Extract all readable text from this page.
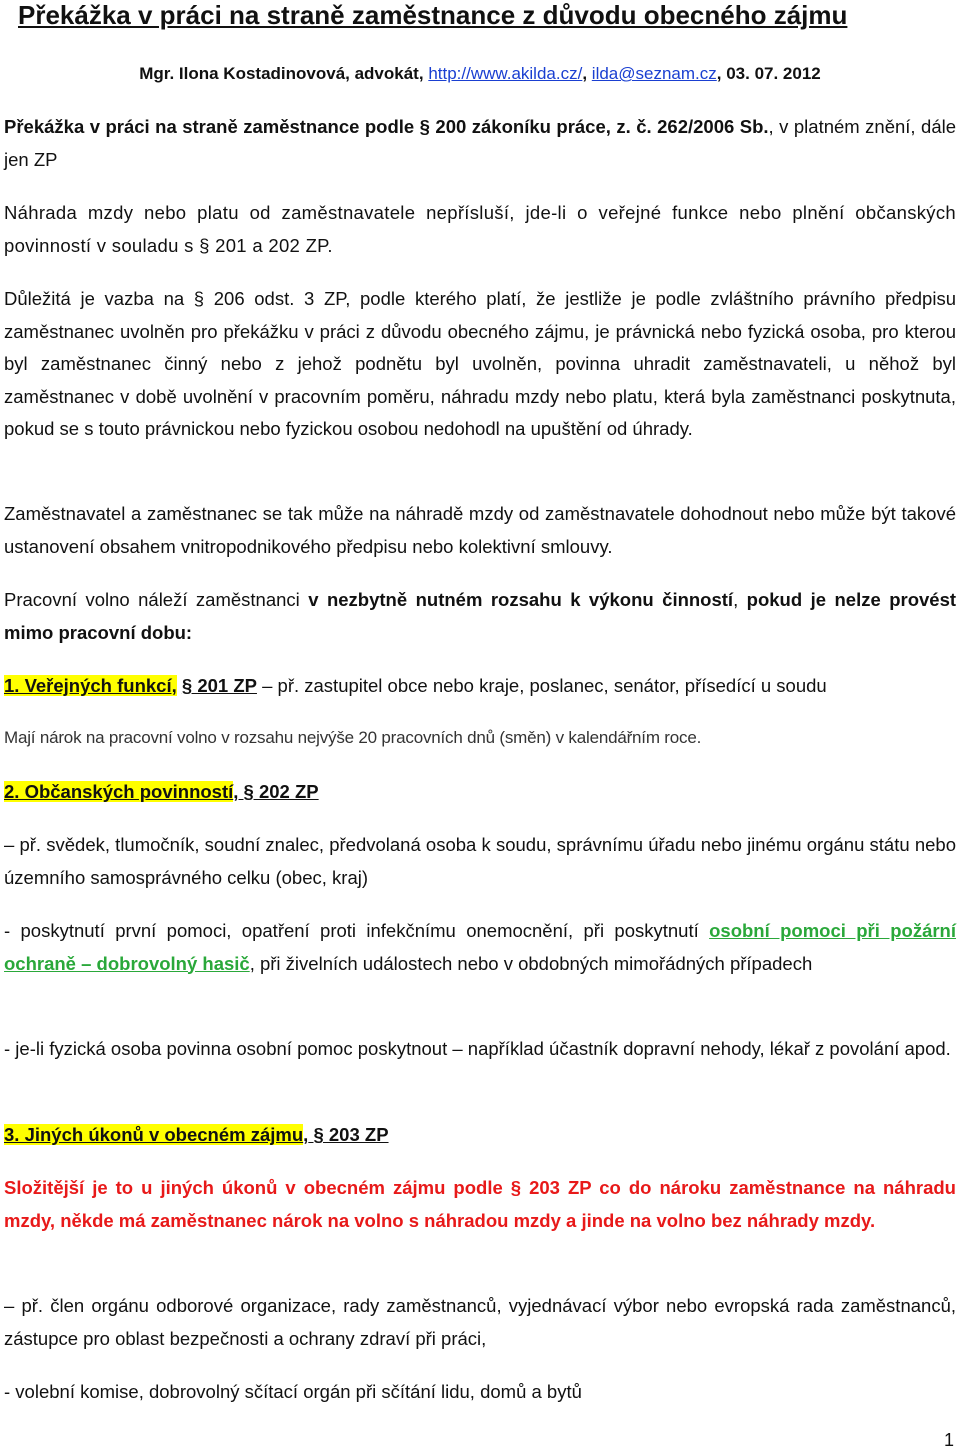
Překážka v práci na straně zaměstnance z důvodu obecného zájmu

Mgr. Ilona Kostadinovová, advokát, http://www.akilda.cz/, ilda@seznam.cz, 03. 07. 2012

Překážka v práci na straně zaměstnance podle § 200 zákoníku práce, z. č. 262/2006 Sb., v platném znění, dále jen ZP

Náhrada mzdy nebo platu od zaměstnavatele nepřísluší, jde-li o veřejné funkce nebo plnění občanských povinností v souladu s § 201 a 202 ZP.

Důležitá je vazba na § 206 odst. 3 ZP, podle kterého platí, že jestliže je podle zvláštního právního předpisu zaměstnanec uvolněn pro překážku v práci z důvodu obecného zájmu, je právnická nebo fyzická osoba, pro kterou byl zaměstnanec činný nebo z jehož podnětu byl uvolněn, povinna uhradit zaměstnavateli, u něhož byl zaměstnanec v době uvolnění v pracovním poměru, náhradu mzdy nebo platu, která byla zaměstnanci poskytnuta, pokud se s touto právnickou nebo fyzickou osobou nedohodl na upuštění od úhrady.

Zaměstnavatel a zaměstnanec se tak může na náhradě mzdy od zaměstnavatele dohodnout nebo může být takové ustanovení obsahem vnitropodnikového předpisu nebo kolektivní smlouvy.

Pracovní volno náleží zaměstnanci v nezbytně nutném rozsahu k výkonu činností, pokud je nelze provést mimo pracovní dobu:

1. Veřejných funkcí, § 201 ZP – př. zastupitel obce nebo kraje, poslanec, senátor, přísedící u soudu

Mají nárok na pracovní volno v rozsahu nejvýše 20 pracovních dnů (směn) v kalendářním roce.

2. Občanských povinností, § 202 ZP

– př. svědek, tlumočník, soudní znalec, předvolaná osoba k soudu, správnímu úřadu nebo jinému orgánu státu nebo územního samosprávného celku (obec, kraj)

- poskytnutí první pomoci, opatření proti infekčnímu onemocnění, při poskytnutí osobní pomoci při požární ochraně – dobrovolný hasič, při živelních událostech nebo v obdobných mimořádných případech

- je-li fyzická osoba povinna osobní pomoc poskytnout – například účastník dopravní nehody, lékař z povolání apod.

3. Jiných úkonů v obecném zájmu, § 203 ZP

Složitější je to u jiných úkonů v obecném zájmu podle § 203 ZP co do nároku zaměstnance na náhradu mzdy, někde má zaměstnanec nárok na volno s náhradou mzdy a jinde na volno bez náhrady mzdy.

– př. člen orgánu odborové organizace, rady zaměstnanců, vyjednávací výbor nebo evropská rada zaměstnanců, zástupce pro oblast bezpečnosti a ochrany zdraví při práci,

- volební komise, dobrovolný sčítací orgán při sčítání lidu, domů a bytů

1
